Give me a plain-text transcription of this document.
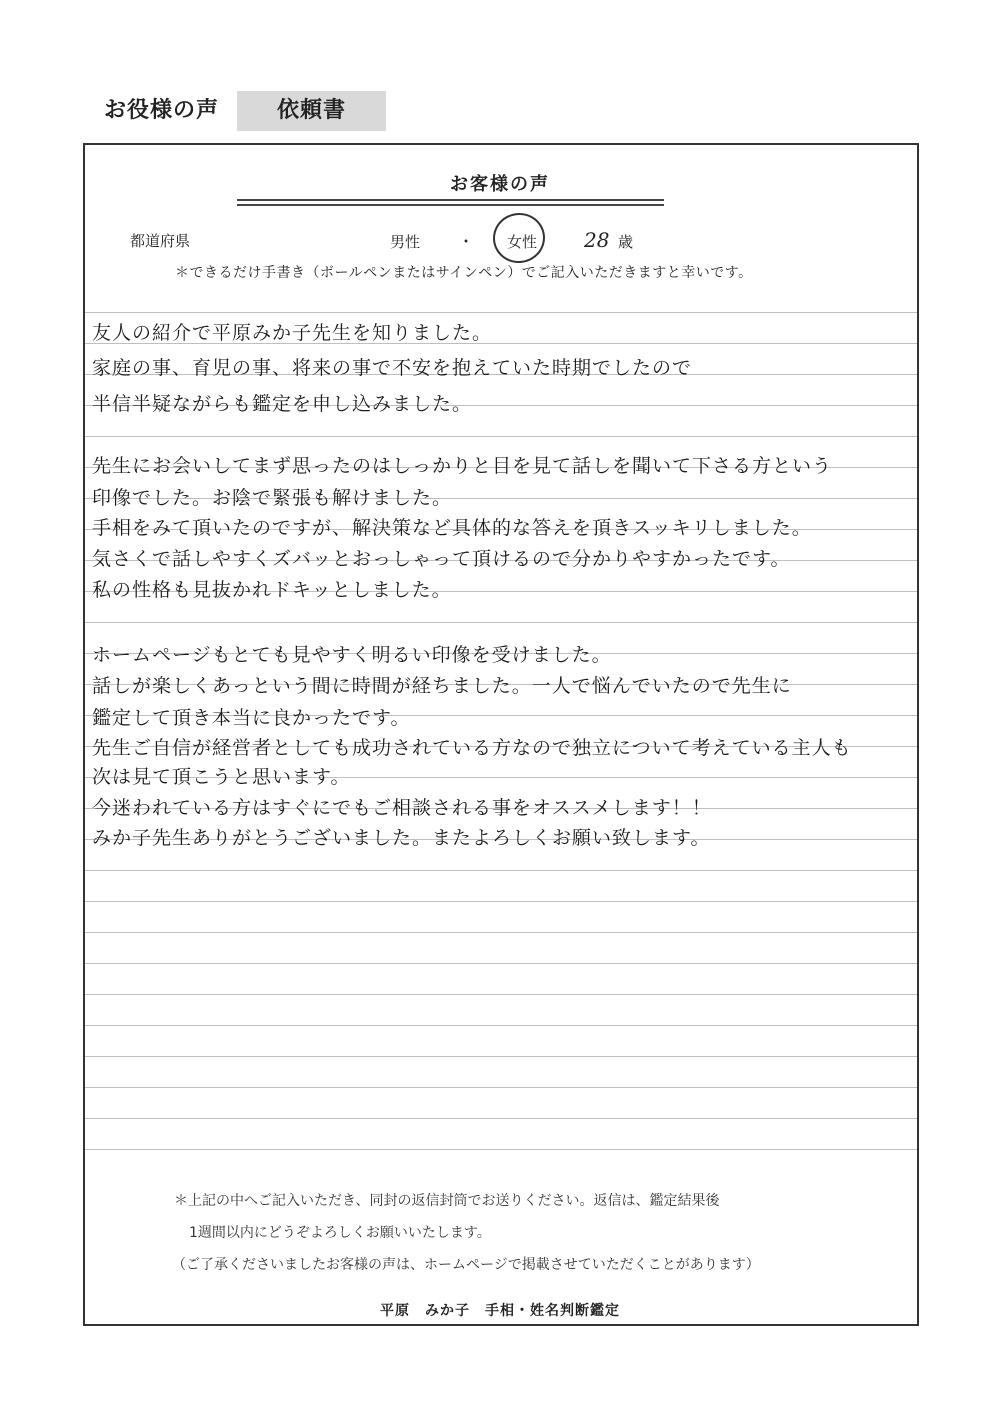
お役様の声	依頼書
お客様の声
都道府県	男性 ・ 女性 28 歳
＊できるだけ手書き（ボールペンまたはサインペン）でご記入いただきますと幸いです。
友人の紹介で平原みか子先生を知りました。
家庭の事、育児の事、将来の事で不安を抱えていた時期でしたので
半信半疑ながらも鑑定を申し込みました。
先生にお会いしてまず思ったのはしっかりと目を見て話しを聞いて下さる方という
印像でした。お陰で緊張も解けました。
手相をみて頂いたのですが、解決策など具体的な答えを頂きスッキリしました。
気さくで話しやすくズバッとおっしゃって頂けるので分かりやすかったです。
私の性格も見抜かれドキッとしました。
ホームページもとても見やすく明るい印像を受けました。
話しが楽しくあっという間に時間が経ちました。一人で悩んでいたので先生に
鑑定して頂き本当に良かったです。
先生ご自信が経営者としても成功されている方なので独立について考えている主人も
次は見て頂こうと思います。
今迷われている方はすぐにでもご相談される事をオススメします！！
みか子先生ありがとうございました。またよろしくお願い致します。
＊上記の中へご記入いただき、同封の返信封筒でお送りください。返信は、鑑定結果後
1週間以内にどうぞよろしくお願いいたします。
（ご了承くださいましたお客様の声は、ホームページで掲載させていただくことがあります）
平原　みか子　手相・姓名判断鑑定
